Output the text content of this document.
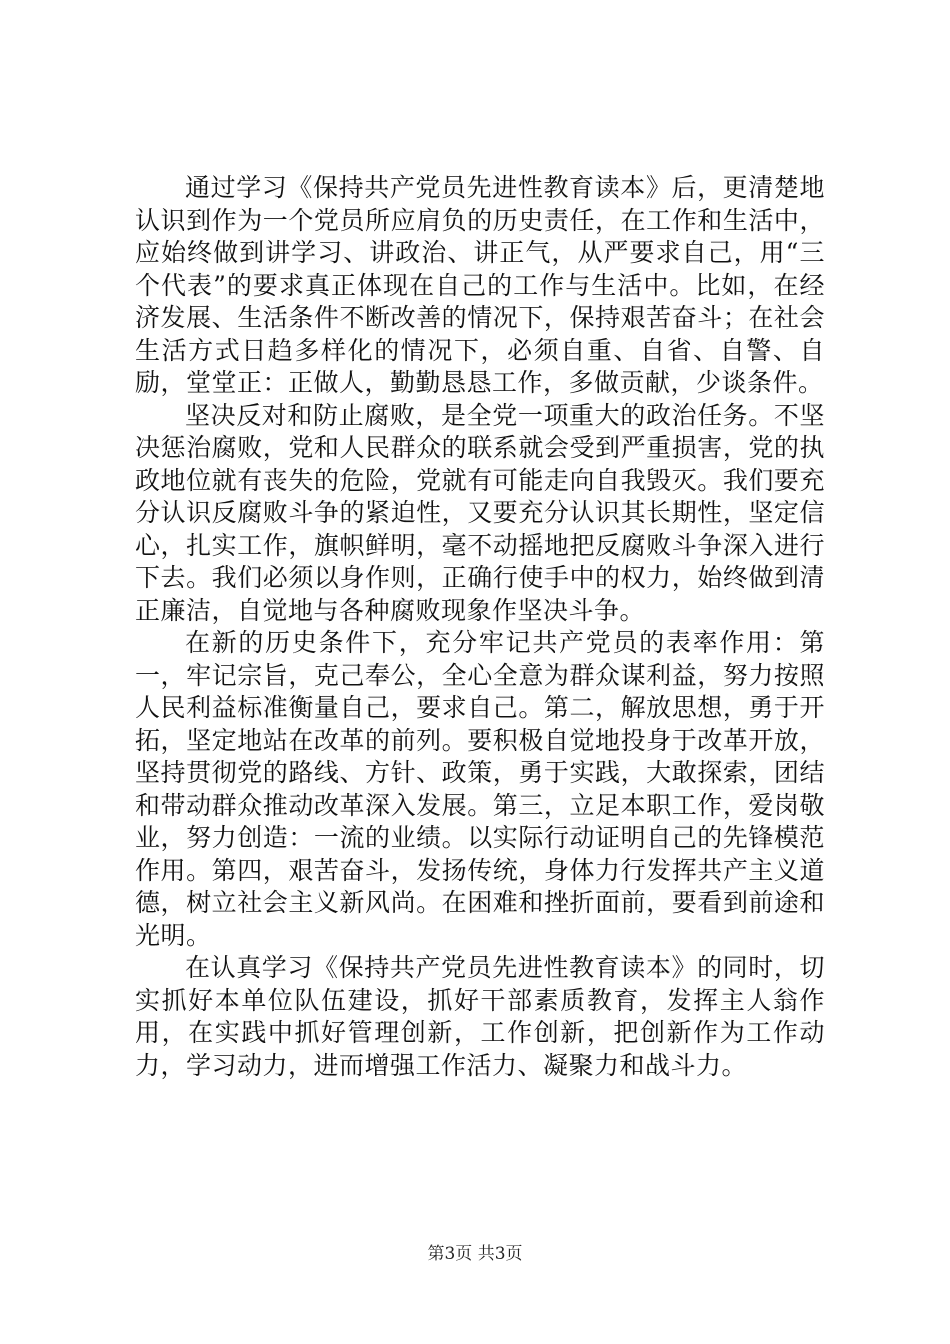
通过学习《保持共产党员先进性教育读本》后，更清楚地认识到作为一个党员所应肩负的历史责任，在工作和生活中，应始终做到讲学习、讲政治、讲正气，从严要求自己，用“三个代表”的要求真正体现在自己的工作与生活中。比如，在经济发展、生活条件不断改善的情况下，保持艰苦奋斗；在社会生活方式日趋多样化的情况下，必须自重、自省、自警、自励，堂堂正：正做人，勤勤恳恳工作，多做贡献，少谈条件。

坚决反对和防止腐败，是全党一项重大的政治任务。不坚决惩治腐败，党和人民群众的联系就会受到严重损害，党的执政地位就有丧失的危险，党就有可能走向自我毁灭。我们要充分认识反腐败斗争的紧迫性，又要充分认识其长期性，坚定信心，扎实工作，旗帜鲜明，毫不动摇地把反腐败斗争深入进行下去。我们必须以身作则，正确行使手中的权力，始终做到清正廉洁，自觉地与各种腐败现象作坚决斗争。

在新的历史条件下，充分牢记共产党员的表率作用：第一，牢记宗旨，克己奉公，全心全意为群众谋利益，努力按照人民利益标准衡量自己，要求自己。第二，解放思想，勇于开拓，坚定地站在改革的前列。要积极自觉地投身于改革开放，坚持贯彻党的路线、方针、政策，勇于实践，大敢探索，团结和带动群众推动改革深入发展。第三，立足本职工作，爱岗敬业，努力创造：一流的业绩。以实际行动证明自己的先锋模范作用。第四，艰苦奋斗，发扬传统，身体力行发挥共产主义道德，树立社会主义新风尚。在困难和挫折面前，要看到前途和光明。

在认真学习《保持共产党员先进性教育读本》的同时，切实抓好本单位队伍建设，抓好干部素质教育，发挥主人翁作用，在实践中抓好管理创新，工作创新，把创新作为工作动力，学习动力，进而增强工作活力、凝聚力和战斗力。

第3页 共3页
